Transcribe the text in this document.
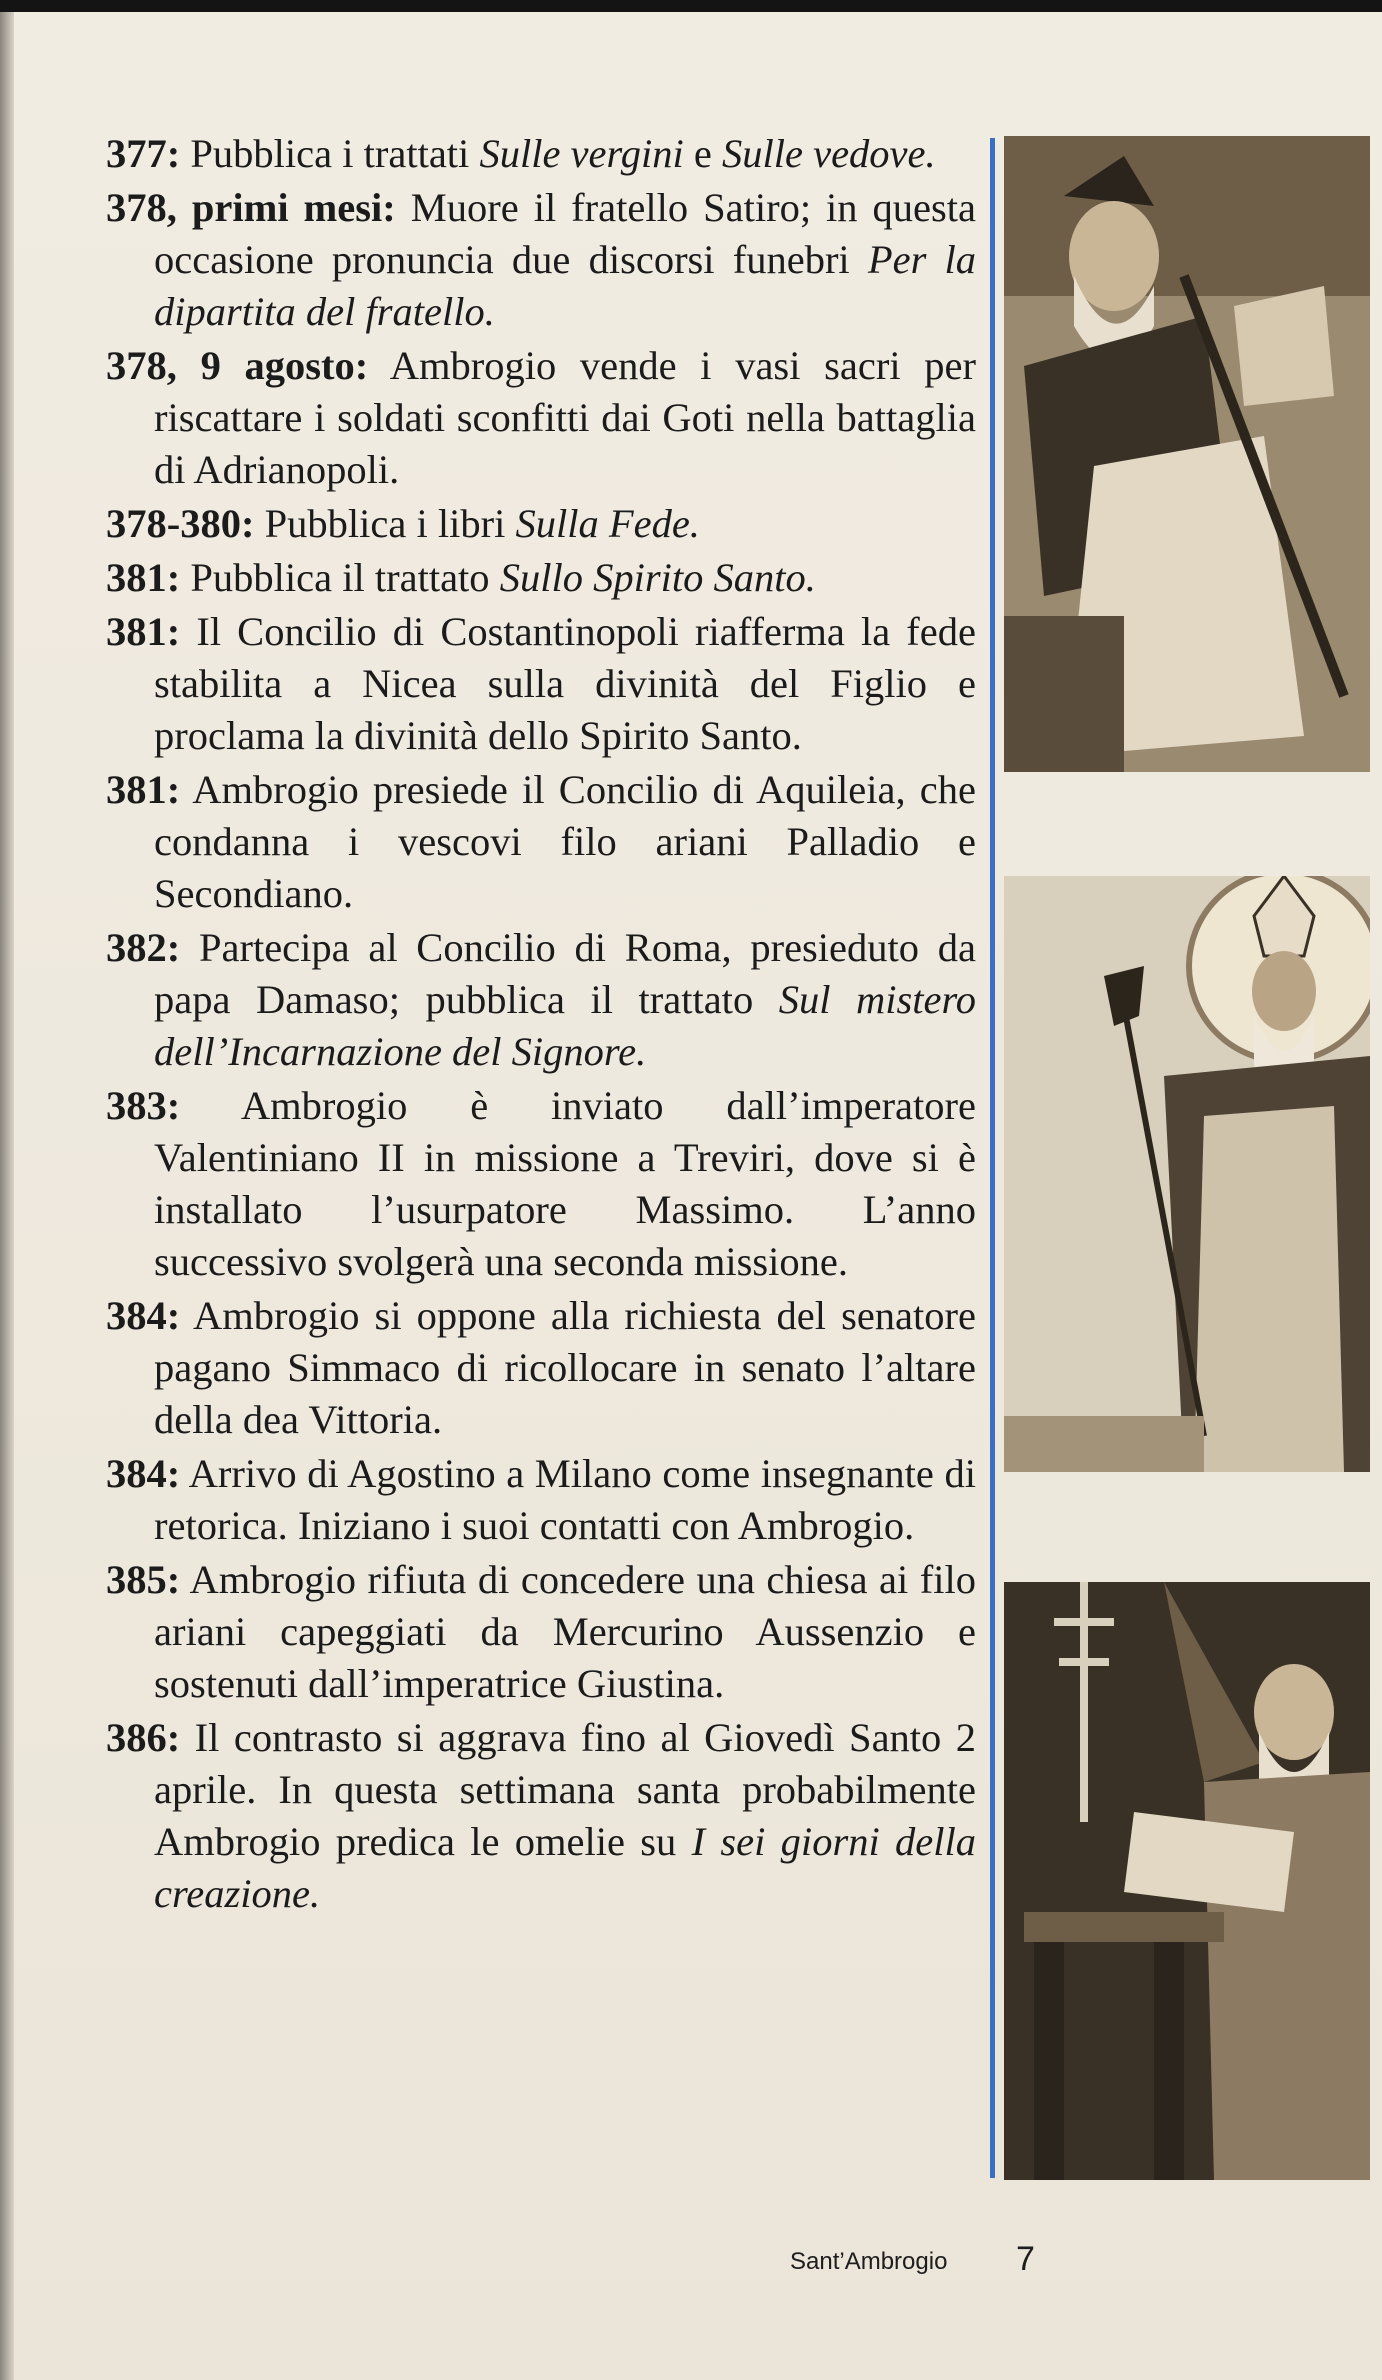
377: Pubblica i trattati Sulle vergini e Sulle vedove.

378, primi mesi: Muore il fratello Satiro; in questa occasione pronuncia due discorsi funebri Per la dipartita del fratello.

378, 9 agosto: Ambrogio vende i vasi sacri per riscattare i soldati sconfitti dai Goti nella battaglia di Adrianopoli.

378-380: Pubblica i libri Sulla Fede.

381: Pubblica il trattato Sullo Spirito Santo.

381: Il Concilio di Costantinopoli riafferma la fede stabilita a Nicea sulla divinità del Figlio e proclama la divinità dello Spirito Santo.

381: Ambrogio presiede il Concilio di Aquileia, che condanna i vescovi filo ariani Palladio e Secondiano.

382: Partecipa al Concilio di Roma, presieduto da papa Damaso; pubblica il trattato Sul mistero dell’Incarnazione del Signore.

383: Ambrogio è inviato dall’imperatore Valentiniano II in missione a Treviri, dove si è installato l’usurpatore Massimo. L’anno successivo svolgerà una seconda missione.

384: Ambrogio si oppone alla richiesta del senatore pagano Simmaco di ricollocare in senato l’altare della dea Vittoria.

384: Arrivo di Agostino a Milano come insegnante di retorica. Iniziano i suoi contatti con Ambrogio.

385: Ambrogio rifiuta di concedere una chiesa ai filo ariani capeggiati da Mercurino Aussenzio e sostenuti dall’imperatrice Giustina.

386: Il contrasto si aggrava fino al Giovedì Santo 2 aprile. In questa settimana santa probabilmente Ambrogio predica le omelie su I sei giorni della creazione.

Sant’Ambrogio 7
